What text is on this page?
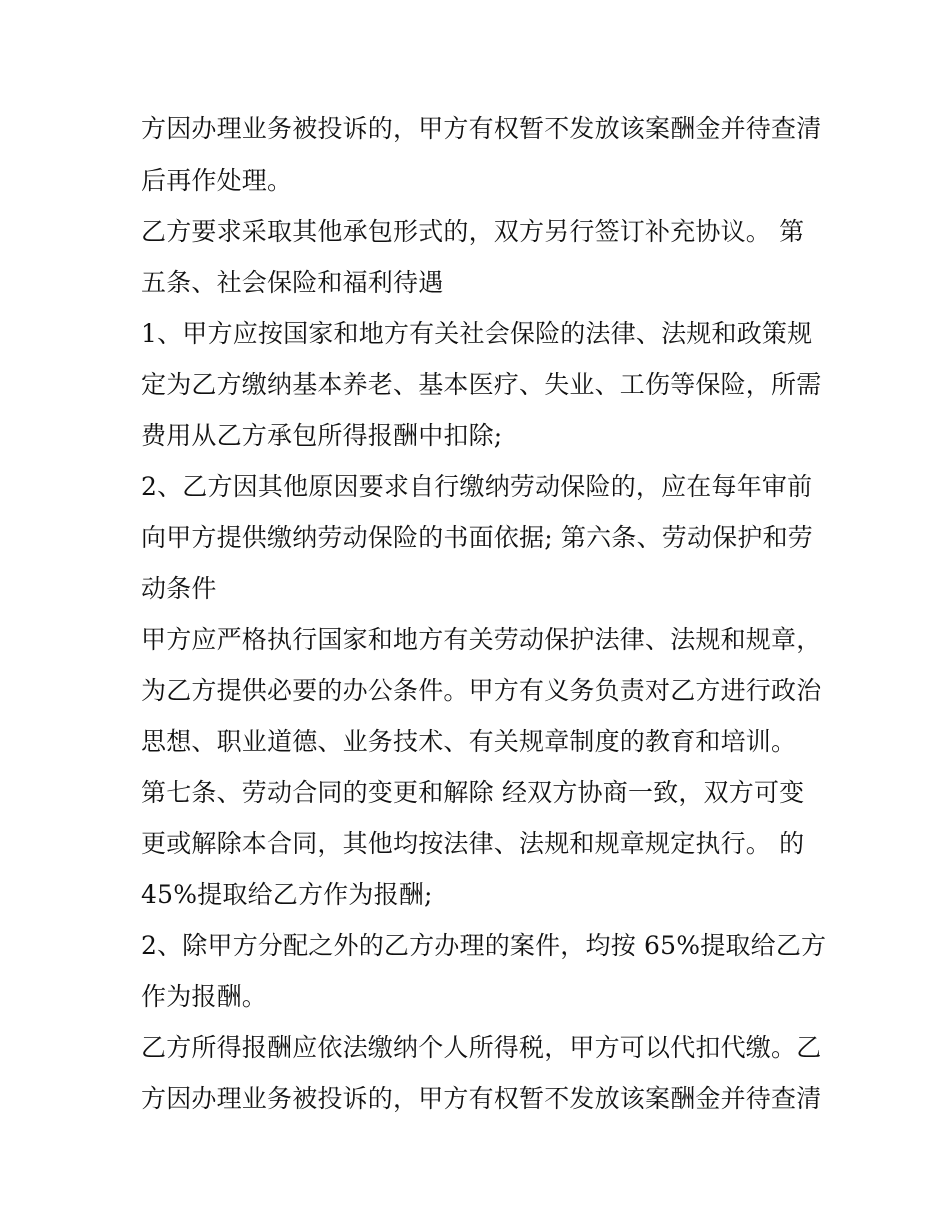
方因办理业务被投诉的，甲方有权暂不发放该案酬金并待查清
后再作处理。
乙方要求采取其他承包形式的，双方另行签订补充协议。 第
五条、社会保险和福利待遇
1、甲方应按国家和地方有关社会保险的法律、法规和政策规
定为乙方缴纳基本养老、基本医疗、失业、工伤等保险，所需
费用从乙方承包所得报酬中扣除;
2、乙方因其他原因要求自行缴纳劳动保险的，应在每年审前
向甲方提供缴纳劳动保险的书面依据; 第六条、劳动保护和劳
动条件
甲方应严格执行国家和地方有关劳动保护法律、法规和规章，
为乙方提供必要的办公条件。甲方有义务负责对乙方进行政治
思想、职业道德、业务技术、有关规章制度的教育和培训。
第七条、劳动合同的变更和解除 经双方协商一致，双方可变
更或解除本合同，其他均按法律、法规和规章规定执行。 的
45%提取给乙方作为报酬;
2、除甲方分配之外的乙方办理的案件，均按 65%提取给乙方
作为报酬。
乙方所得报酬应依法缴纳个人所得税，甲方可以代扣代缴。乙
方因办理业务被投诉的，甲方有权暂不发放该案酬金并待查清
